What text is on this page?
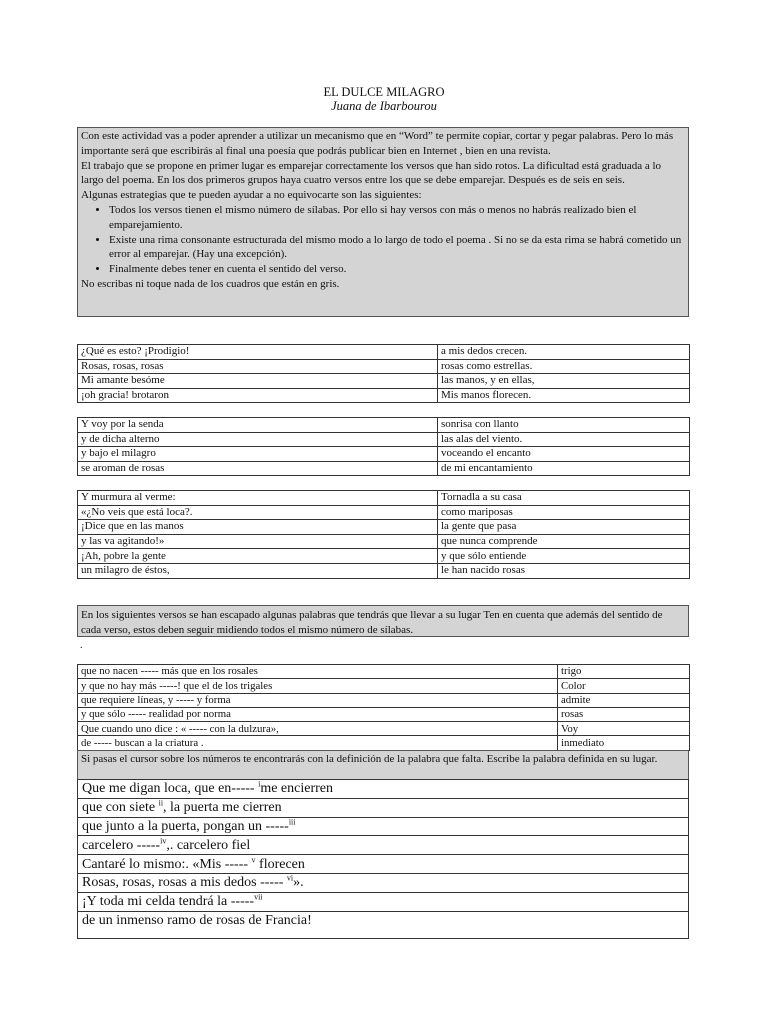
EL DULCE MILAGRO
Juana de Ibarbourou

Con este actividad vas a poder aprender a utilizar un mecanismo que en “Word” te permite copiar, cortar y pegar palabras. Pero lo más importante será que escribirás al final una poesía que podrás publicar bien en Internet , bien en una revista.

El trabajo que se propone en primer lugar es emparejar correctamente los versos que han sido rotos. La dificultad está graduada a lo largo del poema. En los dos primeros grupos haya cuatro versos entre los que se debe emparejar. Después es de seis en seis.

Algunas estrategias que te pueden ayudar a no equivocarte son las siguientes:

• Todos los versos tienen el mismo número de sílabas. Por ello si hay versos con más o menos no habrás realizado bien el emparejamiento.
• Existe una rima consonante estructurada del mismo modo a lo largo de todo el poema . Si no se da esta rima se habrá cometido un error al emparejar. (Hay una excepción).
• Finalmente debes tener en cuenta el sentido del verso.

No escribas ni toque nada de los cuadros que están en gris.

¿Qué es esto? ¡Prodigio!	a mis dedos crecen.
Rosas, rosas, rosas	rosas como estrellas.
Mi amante besóme	las manos, y en ellas,
¡oh gracia! brotaron	Mis manos florecen.
Y voy por la senda	sonrisa con llanto
y de dicha alterno	las alas del viento.
y bajo el milagro	voceando el encanto
se aroman de rosas	de mi encantamiento
Y murmura al verme:	Tornadla a su casa
«¿No veis que está loca?.	como mariposas
¡Dice que en las manos	la gente que pasa
y las va agitando!»	que nunca comprende
¡Ah, pobre la gente	y que sólo entiende
un milagro de éstos,	le han nacido rosas

En los siguientes versos se han escapado algunas palabras que tendrás que llevar a su lugar Ten en cuenta que además del sentido de cada verso, estos deben seguir midiendo todos el mismo número de sílabas.

.
que no nacen ----- más que en los rosales	trigo
y que no hay más -----! que el de los trigales	Color
que requiere líneas, y ----- y forma	admite
y que sólo ----- realidad por norma	rosas
Que cuando uno dice : « ----- con la dulzura»,	Voy
de ----- buscan a la criatura .	inmediato

Si pasas el cursor sobre los números te encontrarás con la definición de la palabra que falta. Escribe la palabra definida en su lugar.

Que me digan loca, que en----- $^i$me encierren
que con siete $^{ii}$, la puerta me cierren
que junto a la puerta, pongan un -----$^{iii}$
carcelero -----$^{iv}$,. carcelero fiel
Cantaré lo mismo:. «Mis ----- $^v$ florecen
Rosas, rosas, rosas a mis dedos ----- $^{vi}$».
¡Y toda mi celda tendrá la -----$^{vii}$
de un inmenso ramo de rosas de Francia!
